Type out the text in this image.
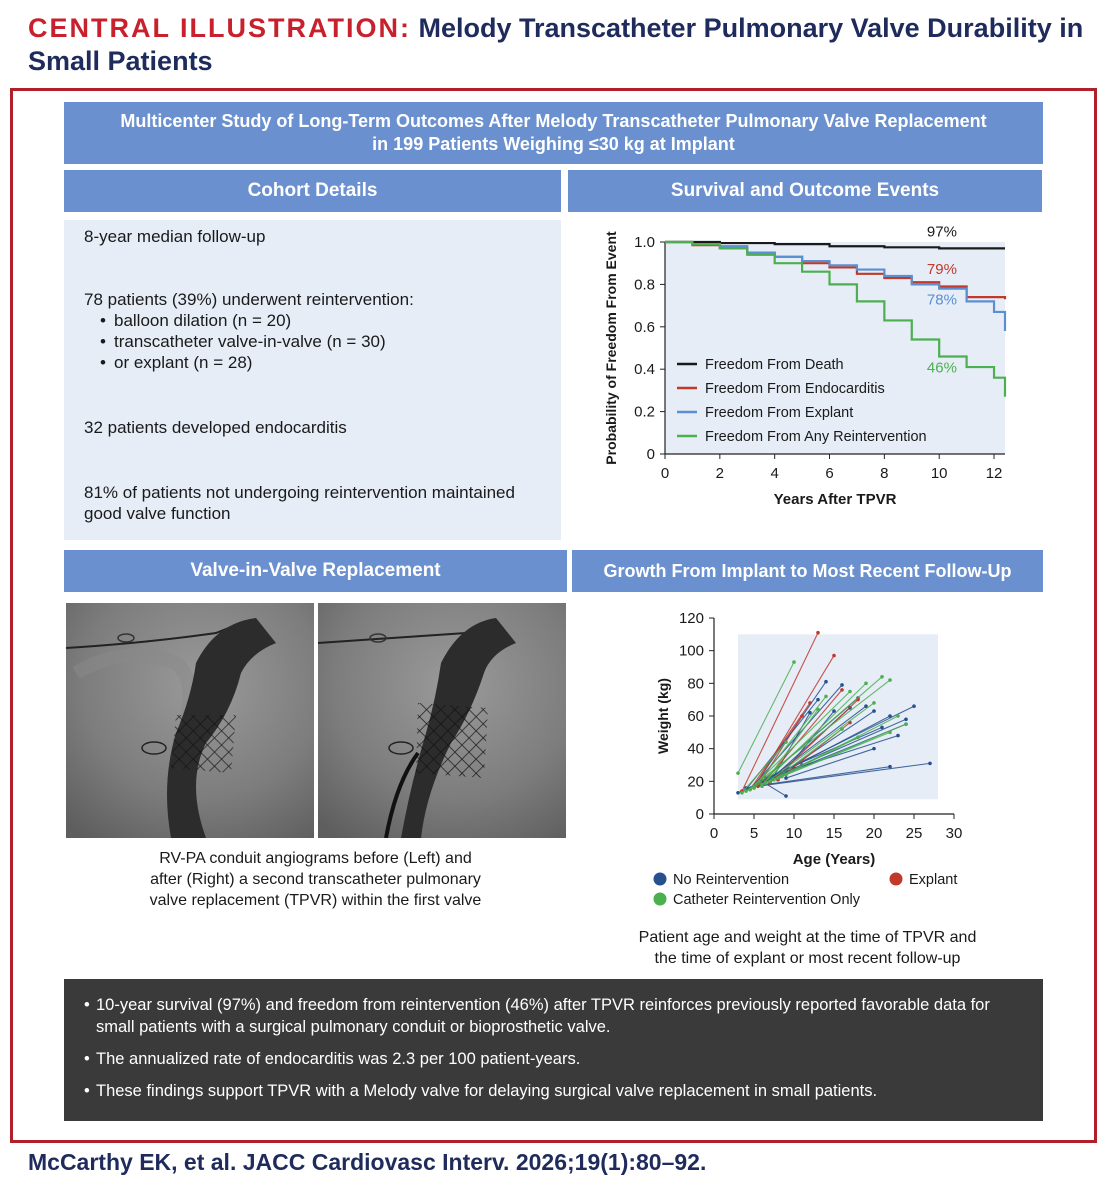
CENTRAL ILLUSTRATION: Melody Transcatheter Pulmonary Valve Durability in Small Patients
Multicenter Study of Long-Term Outcomes After Melody Transcatheter Pulmonary Valve Replacement
in 199 Patients Weighing ≤30 kg at Implant
Cohort Details
8-year median follow-up
78 patients (39%) underwent reintervention:
• balloon dilation (n = 20)
• transcatheter valve-in-valve (n = 30)
• or explant (n = 28)
32 patients developed endocarditis
81% of patients not undergoing reintervention maintained good valve function
Survival and Outcome Events
0
0.2
0.4
0.6
0.8
1.0
0	2	4	6	8	10	12
Years After TPVR
Probability of Freedom From Event	97%
79%
78%
46%
Freedom From Death
Freedom From Endocarditis
Freedom From Explant
Freedom From Any Reintervention
Valve-in-Valve Replacement
RV-PA conduit angiograms before (Left) and
after (Right) a second transcatheter pulmonary
valve replacement (TPVR) within the first valve
Growth From Implant to Most Recent Follow-Up
0
20
40
60
80
100
120
0 5 10 15 20 25 30
Age (Years)
Weight (kg)
No Reintervention	Explant
Catheter Reintervention Only
Patient age and weight at the time of TPVR and
the time of explant or most recent follow-up
• 10-year survival (97%) and freedom from reintervention (46%) after TPVR reinforces previously reported favorable data for small patients with a surgical pulmonary conduit or bioprosthetic valve.
• The annualized rate of endocarditis was 2.3 per 100 patient-years.
• These findings support TPVR with a Melody valve for delaying surgical valve replacement in small patients.
McCarthy EK, et al. JACC Cardiovasc Interv. 2026;19(1):80–92.
